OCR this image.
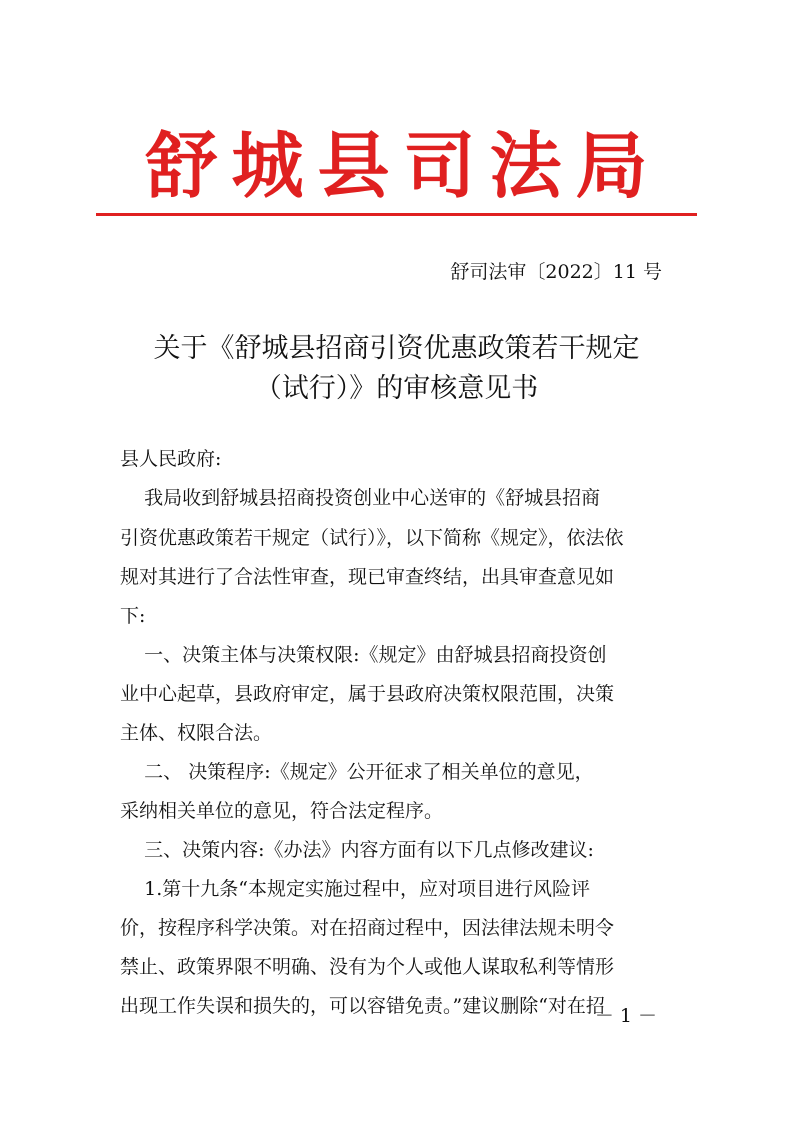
舒城县司法局
舒司法审〔2022〕11 号
关于《舒城县招商引资优惠政策若干规定
（试行）》的审核意见书
县人民政府:
我局收到舒城县招商投资创业中心送审的《舒城县招商
引资优惠政策若干规定（试行）》，以下简称《规定》，依法依
规对其进行了合法性审查，现已审查终结，出具审查意见如
下:
一、决策主体与决策权限:《规定》由舒城县招商投资创
业中心起草，县政府审定，属于县政府决策权限范围，决策
主体、权限合法。
二、 决策程序:《规定》公开征求了相关单位的意见，
采纳相关单位的意见，符合法定程序。
三、决策内容:《办法》内容方面有以下几点修改建议:
1.第十九条“本规定实施过程中，应对项目进行风险评
价，按程序科学决策。对在招商过程中，因法律法规未明令
禁止、政策界限不明确、没有为个人或他人谋取私利等情形
出现工作失误和损失的，可以容错免责。”建议删除“对在招
－ 1 －
